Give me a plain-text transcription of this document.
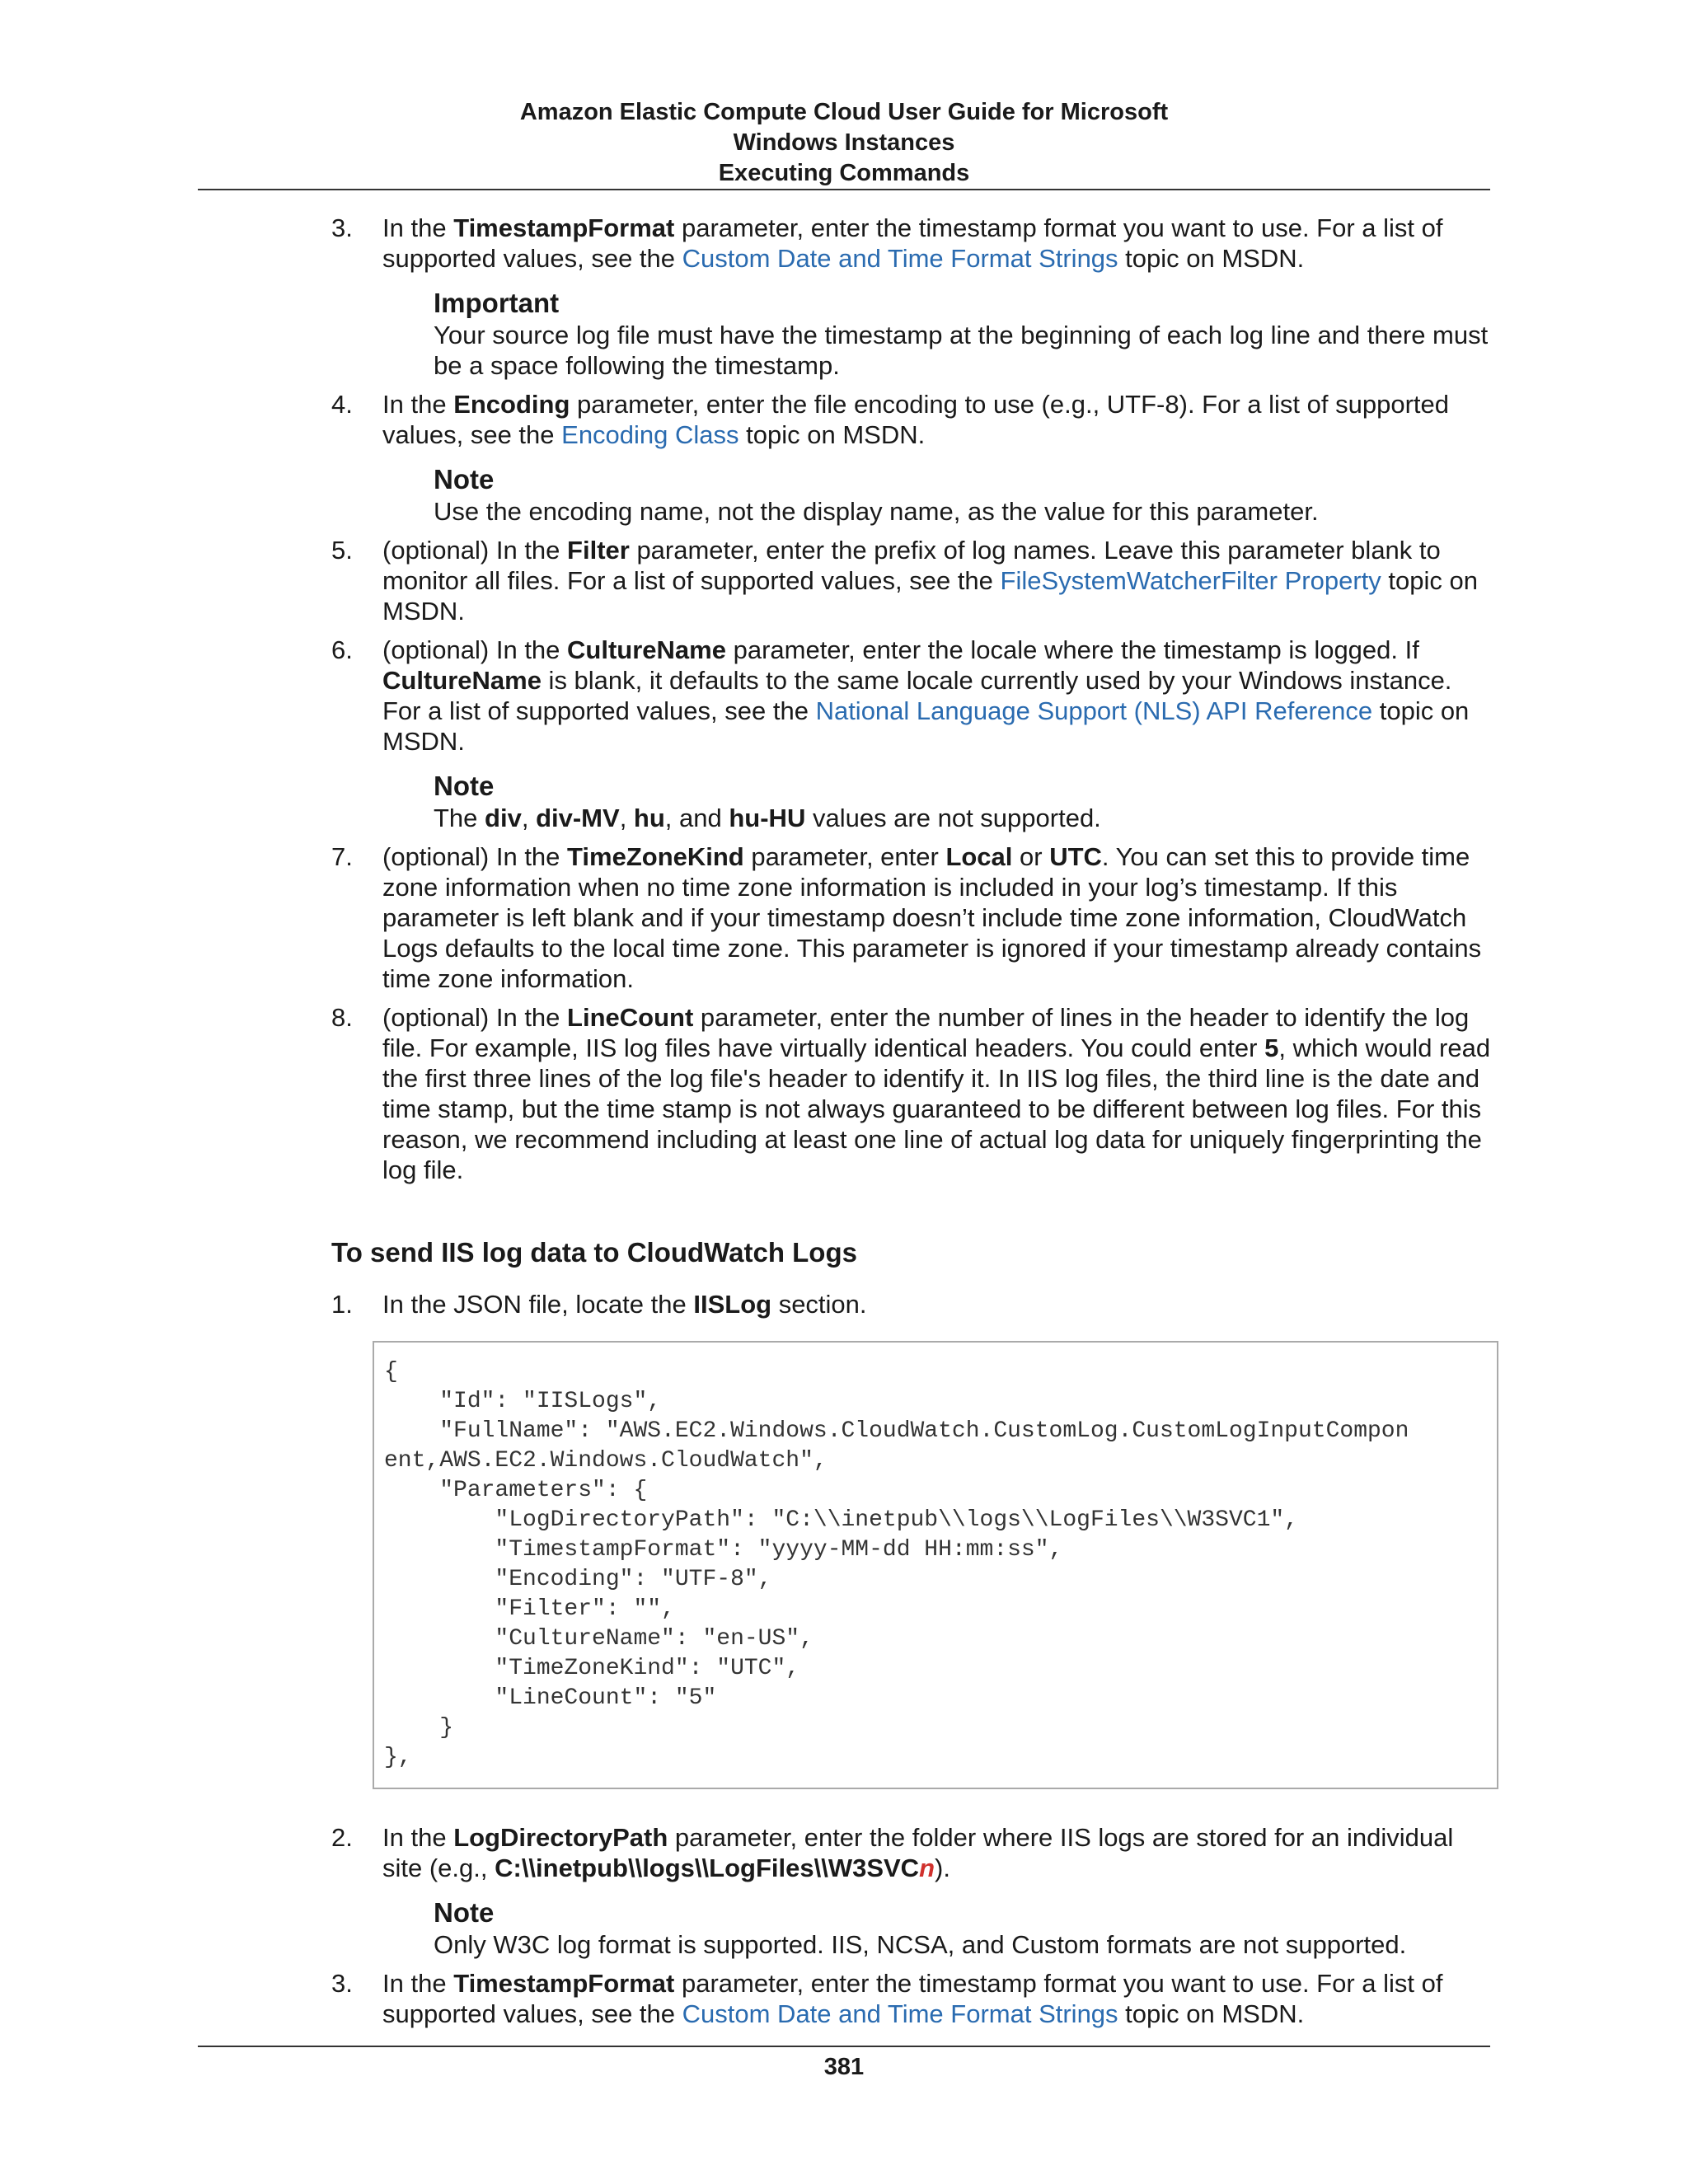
Amazon Elastic Compute Cloud User Guide for Microsoft
Windows Instances
Executing Commands
3.	In the TimestampFormat parameter, enter the timestamp format you want to use. For a list of supported values, see the Custom Date and Time Format Strings topic on MSDN.
Important
Your source log file must have the timestamp at the beginning of each log line and there must be a space following the timestamp.
4.	In the Encoding parameter, enter the file encoding to use (e.g., UTF-8). For a list of supported values, see the Encoding Class topic on MSDN.
Note
Use the encoding name, not the display name, as the value for this parameter.
5.	(optional) In the Filter parameter, enter the prefix of log names. Leave this parameter blank to monitor all files. For a list of supported values, see the FileSystemWatcherFilter Property topic on MSDN.
6.	(optional) In the CultureName parameter, enter the locale where the timestamp is logged. If CultureName is blank, it defaults to the same locale currently used by your Windows instance. For a list of supported values, see the National Language Support (NLS) API Reference topic on MSDN.
Note
The div, div-MV, hu, and hu-HU values are not supported.
7.	(optional) In the TimeZoneKind parameter, enter Local or UTC. You can set this to provide time zone information when no time zone information is included in your log’s timestamp. If this parameter is left blank and if your timestamp doesn’t include time zone information, CloudWatch Logs defaults to the local time zone. This parameter is ignored if your timestamp already contains time zone information.
8.	(optional) In the LineCount parameter, enter the number of lines in the header to identify the log file. For example, IIS log files have virtually identical headers. You could enter 5, which would read the first three lines of the log file's header to identify it. In IIS log files, the third line is the date and time stamp, but the time stamp is not always guaranteed to be different between log files. For this reason, we recommend including at least one line of actual log data for uniquely fingerprinting the log file.
To send IIS log data to CloudWatch Logs
1.	In the JSON file, locate the IISLog section.
{
"Id": "IISLogs",
"FullName": "AWS.EC2.Windows.CloudWatch.CustomLog.CustomLogInputCompon
ent,AWS.EC2.Windows.CloudWatch",
"Parameters": {
"LogDirectoryPath": "C:\\inetpub\\logs\\LogFiles\\W3SVC1",
"TimestampFormat": "yyyy-MM-dd HH:mm:ss",
"Encoding": "UTF-8",
"Filter": "",
"CultureName": "en-US",
"TimeZoneKind": "UTC",
"LineCount": "5"
}
},
2.	In the LogDirectoryPath parameter, enter the folder where IIS logs are stored for an individual site (e.g., C:\\inetpub\\logs\\LogFiles\\W3SVCn).
Note
Only W3C log format is supported. IIS, NCSA, and Custom formats are not supported.
3.	In the TimestampFormat parameter, enter the timestamp format you want to use. For a list of supported values, see the Custom Date and Time Format Strings topic on MSDN.
381
